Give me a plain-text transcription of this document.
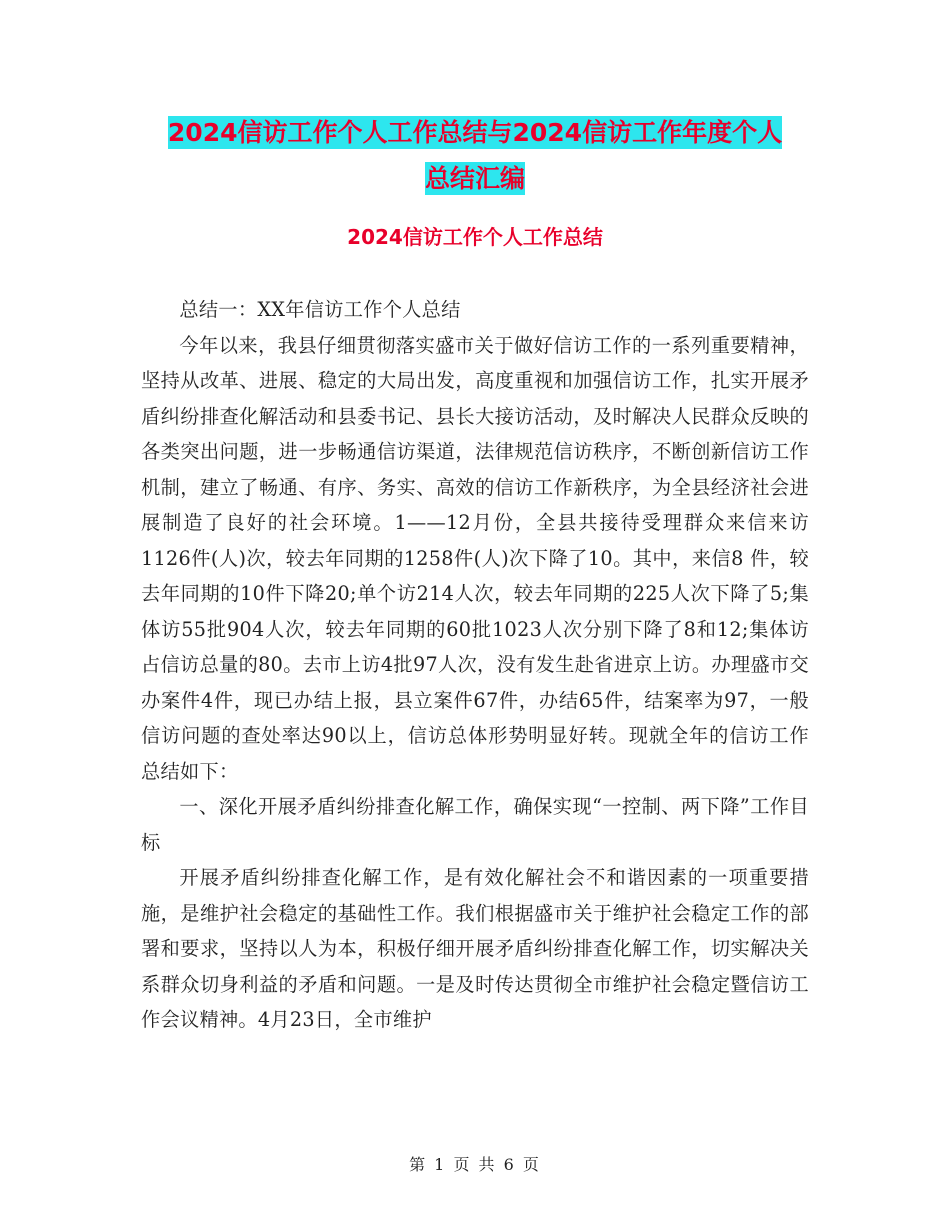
2024信访工作个人工作总结与2024信访工作年度个人
总结汇编
2024信访工作个人工作总结

总结一：XX年信访工作个人总结

今年以来，我县仔细贯彻落实盛市关于做好信访工作的一系列重要精神，坚持从改革、进展、稳定的大局出发，高度重视和加强信访工作，扎实开展矛盾纠纷排查化解活动和县委书记、县长大接访活动，及时解决人民群众反映的各类突出问题，进一步畅通信访渠道，法律规范信访秩序，不断创新信访工作机制，建立了畅通、有序、务实、高效的信访工作新秩序，为全县经济社会进展制造了良好的社会环境。1——12月份，全县共接待受理群众来信来访1126件(人)次，较去年同期的1258件(人)次下降了10。其中，来信8 件，较去年同期的10件下降20;单个访214人次，较去年同期的225人次下降了5;集体访55批904人次，较去年同期的60批1023人次分别下降了8和12;集体访占信访总量的80。去市上访4批97人次，没有发生赴省进京上访。办理盛市交办案件4件，现已办结上报，县立案件67件，办结65件，结案率为97，一般信访问题的查处率达90以上，信访总体形势明显好转。现就全年的信访工作总结如下：

一、深化开展矛盾纠纷排查化解工作，确保实现“一控制、两下降”工作目标

开展矛盾纠纷排查化解工作，是有效化解社会不和谐因素的一项重要措施，是维护社会稳定的基础性工作。我们根据盛市关于维护社会稳定工作的部署和要求，坚持以人为本，积极仔细开展矛盾纠纷排查化解工作，切实解决关系群众切身利益的矛盾和问题。一是及时传达贯彻全市维护社会稳定暨信访工作会议精神。4月23日，全市维护

第 1 页 共 6 页
